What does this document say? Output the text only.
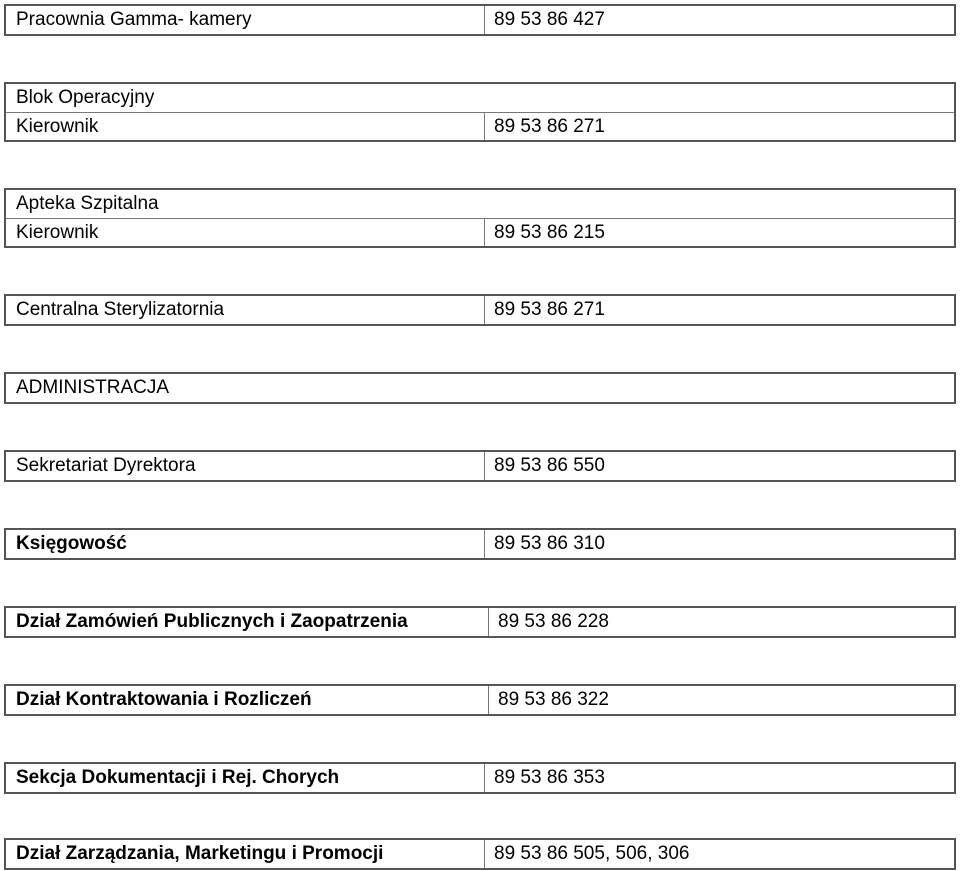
Pracownia Gamma- kamery	89 53 86 427
Blok Operacyjny
Kierownik	89 53 86 271
Apteka Szpitalna
Kierownik	89 53 86 215
Centralna Sterylizatornia	89 53 86 271
ADMINISTRACJA
Sekretariat Dyrektora	89 53 86 550
Księgowość	89 53 86 310
Dział Zamówień Publicznych i Zaopatrzenia	89 53 86 228
Dział Kontraktowania i Rozliczeń	89 53 86 322
Sekcja Dokumentacji i Rej. Chorych	89 53 86 353
Dział Zarządzania, Marketingu i Promocji	89 53 86 505, 506, 306
